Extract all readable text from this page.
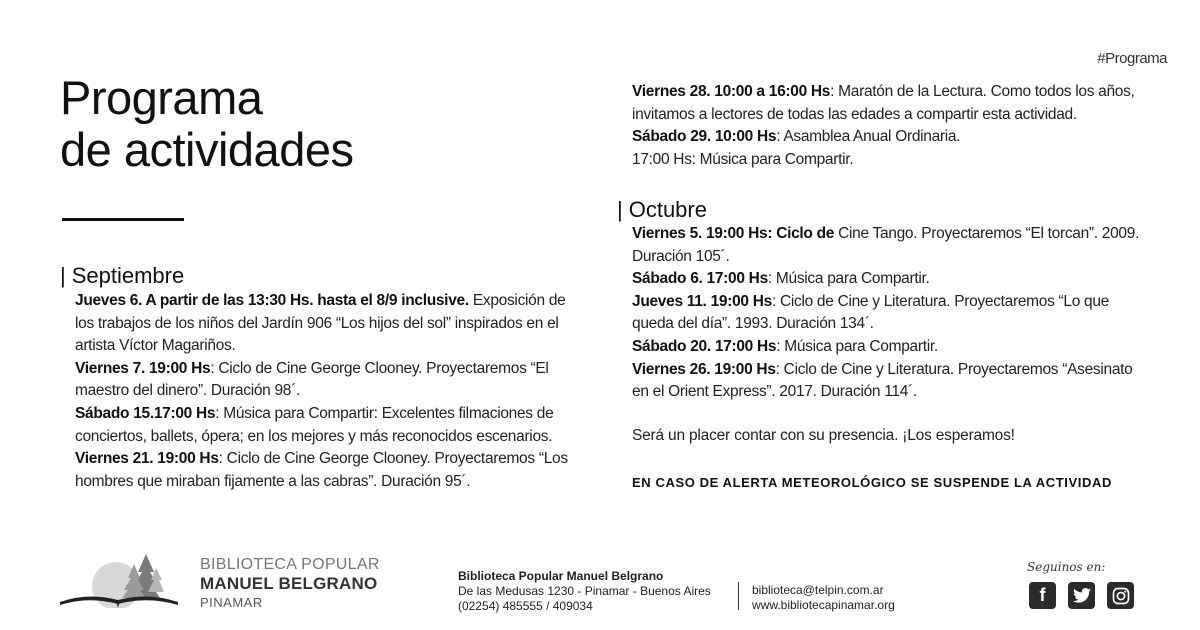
#Programa
Programa
de actividades
| Septiembre

Jueves 6. A partir de las 13:30 Hs. hasta el 8/9 inclusive. Exposición de los trabajos de los niños del Jardín 906 “Los hijos del sol” inspirados en el artista Víctor Magariños.

Viernes 7. 19:00 Hs: Ciclo de Cine George Clooney. Proyectaremos “El maestro del dinero”. Duración 98´.

Sábado 15.17:00 Hs: Música para Compartir: Excelentes filmaciones de conciertos, ballets, ópera; en los mejores y más reconocidos escenarios.

Viernes 21. 19:00 Hs: Ciclo de Cine George Clooney. Proyectaremos “Los hombres que miraban fijamente a las cabras”. Duración 95´.

Viernes 28. 10:00 a 16:00 Hs: Maratón de la Lectura. Como todos los años, invitamos a lectores de todas las edades a compartir esta actividad.

Sábado 29. 10:00 Hs: Asamblea Anual Ordinaria.

17:00 Hs: Música para Compartir.

| Octubre

Viernes 5. 19:00 Hs: Ciclo de Cine Tango. Proyectaremos “El torcan”. 2009. Duración 105´.

Sábado 6. 17:00 Hs: Música para Compartir.

Jueves 11. 19:00 Hs: Ciclo de Cine y Literatura. Proyectaremos “Lo que queda del día”. 1993. Duración 134´.

Sábado 20. 17:00 Hs: Música para Compartir.

Viernes 26. 19:00 Hs: Ciclo de Cine y Literatura. Proyectaremos “Asesinato en el Orient Express”. 2017. Duración 114´.

Será un placer contar con su presencia. ¡Los esperamos!
EN CASO DE ALERTA METEOROLÓGICO SE SUSPENDE LA ACTIVIDAD
BIBLIOTECA POPULAR
MANUEL BELGRANO
PINAMAR
Biblioteca Popular Manuel Belgrano
De las Medusas 1230 - Pinamar - Buenos Aires
(02254) 485555 / 409034
biblioteca@telpin.com.ar
www.bibliotecapinamar.org
Seguinos en:
f
